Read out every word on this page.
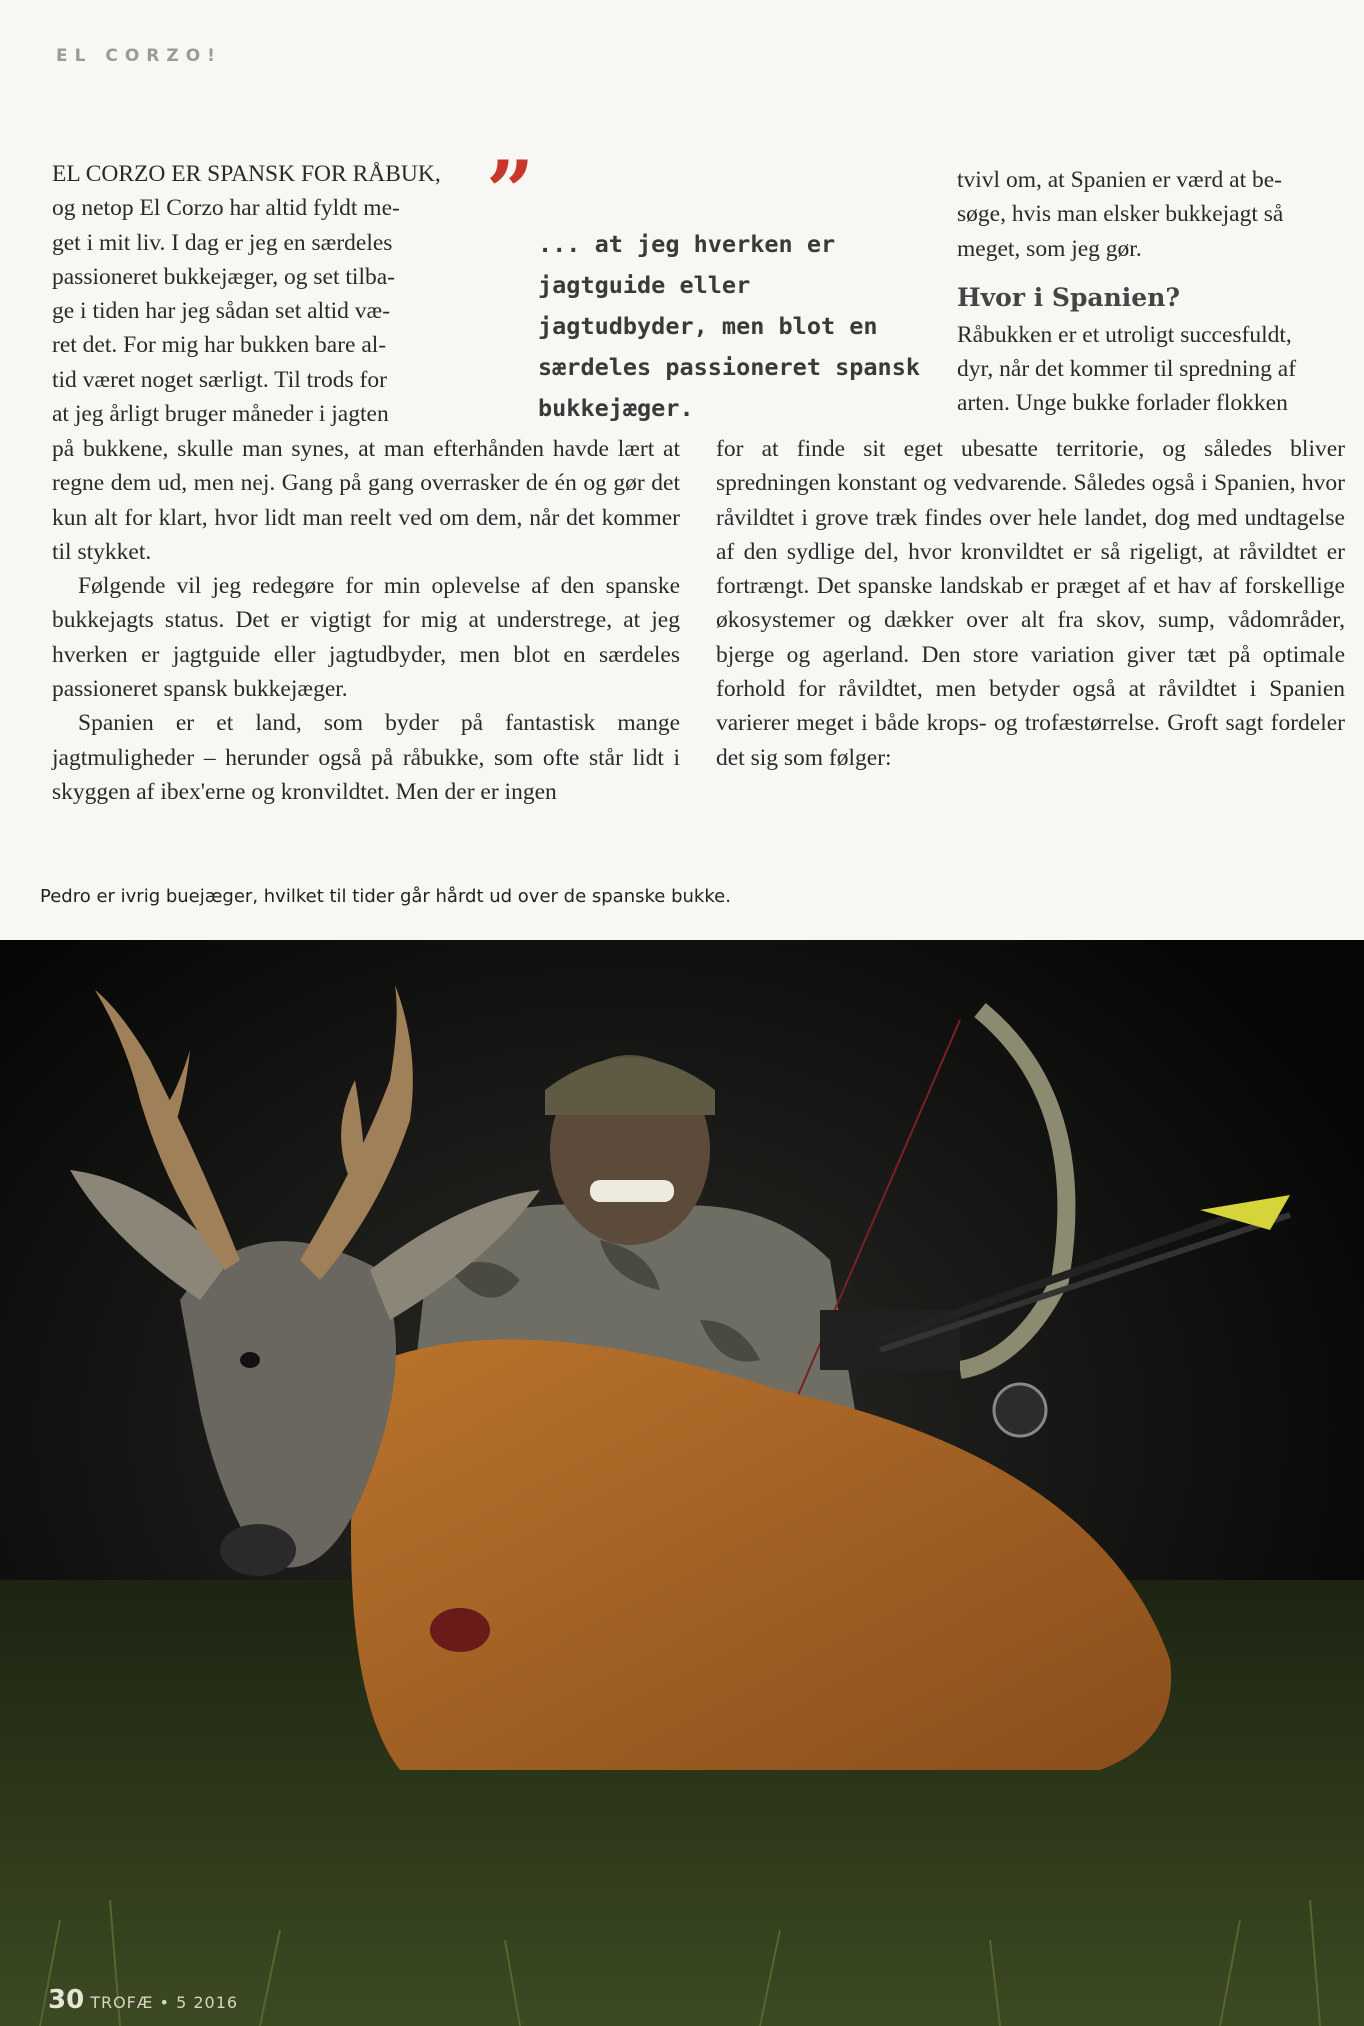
EL CORZO!
EL CORZO ER SPANSK FOR RÅBUK,
og netop El Corzo har altid fyldt me-
get i mit liv. I dag er jeg en særdeles
passioneret bukkejæger, og set tilba-
ge i tiden har jeg sådan set altid væ-
ret det. For mig har bukken bare al-
tid været noget særligt. Til trods for
at jeg årligt bruger måneder i jagten
”
... at jeg hverken er jagtguide eller jagtudbyder, men blot en særdeles passioneret spansk bukkejæger.
tvivl om, at Spanien er værd at be-
søge, hvis man elsker bukkejagt så
meget, som jeg gør.
Hvor i Spanien?
Råbukken er et utroligt succesfuldt,
dyr, når det kommer til spredning af
arten. Unge bukke forlader flokken

på bukkene, skulle man synes, at man efterhånden havde lært at regne dem ud, men nej. Gang på gang overrasker de én og gør det kun alt for klart, hvor lidt man reelt ved om dem, når det kommer til stykket.

Følgende vil jeg redegøre for min oplevelse af den spanske bukkejagts status. Det er vigtigt for mig at understrege, at jeg hverken er jagtguide eller jagtudbyder, men blot en særdeles passioneret spansk bukkejæger.

Spanien er et land, som byder på fantastisk mange jagtmuligheder – herunder også på råbukke, som ofte står lidt i skyggen af ibex'erne og kronvildtet. Men der er ingen

for at finde sit eget ubesatte territorie, og således bliver spredningen konstant og vedvarende. Således også i Spanien, hvor råvildtet i grove træk findes over hele landet, dog med undtagelse af den sydlige del, hvor kronvildtet er så rigeligt, at råvildtet er fortrængt. Det spanske landskab er præget af et hav af forskellige økosystemer og dækker over alt fra skov, sump, vådområder, bjerge og agerland. Den store variation giver tæt på optimale forhold for råvildtet, men betyder også at råvildtet i Spanien varierer meget i både krops- og trofæstørrelse. Groft sagt fordeler det sig som følger:

Pedro er ivrig buejæger, hvilket til tider går hårdt ud over de spanske bukke.
30 TROFÆ • 5 2016
